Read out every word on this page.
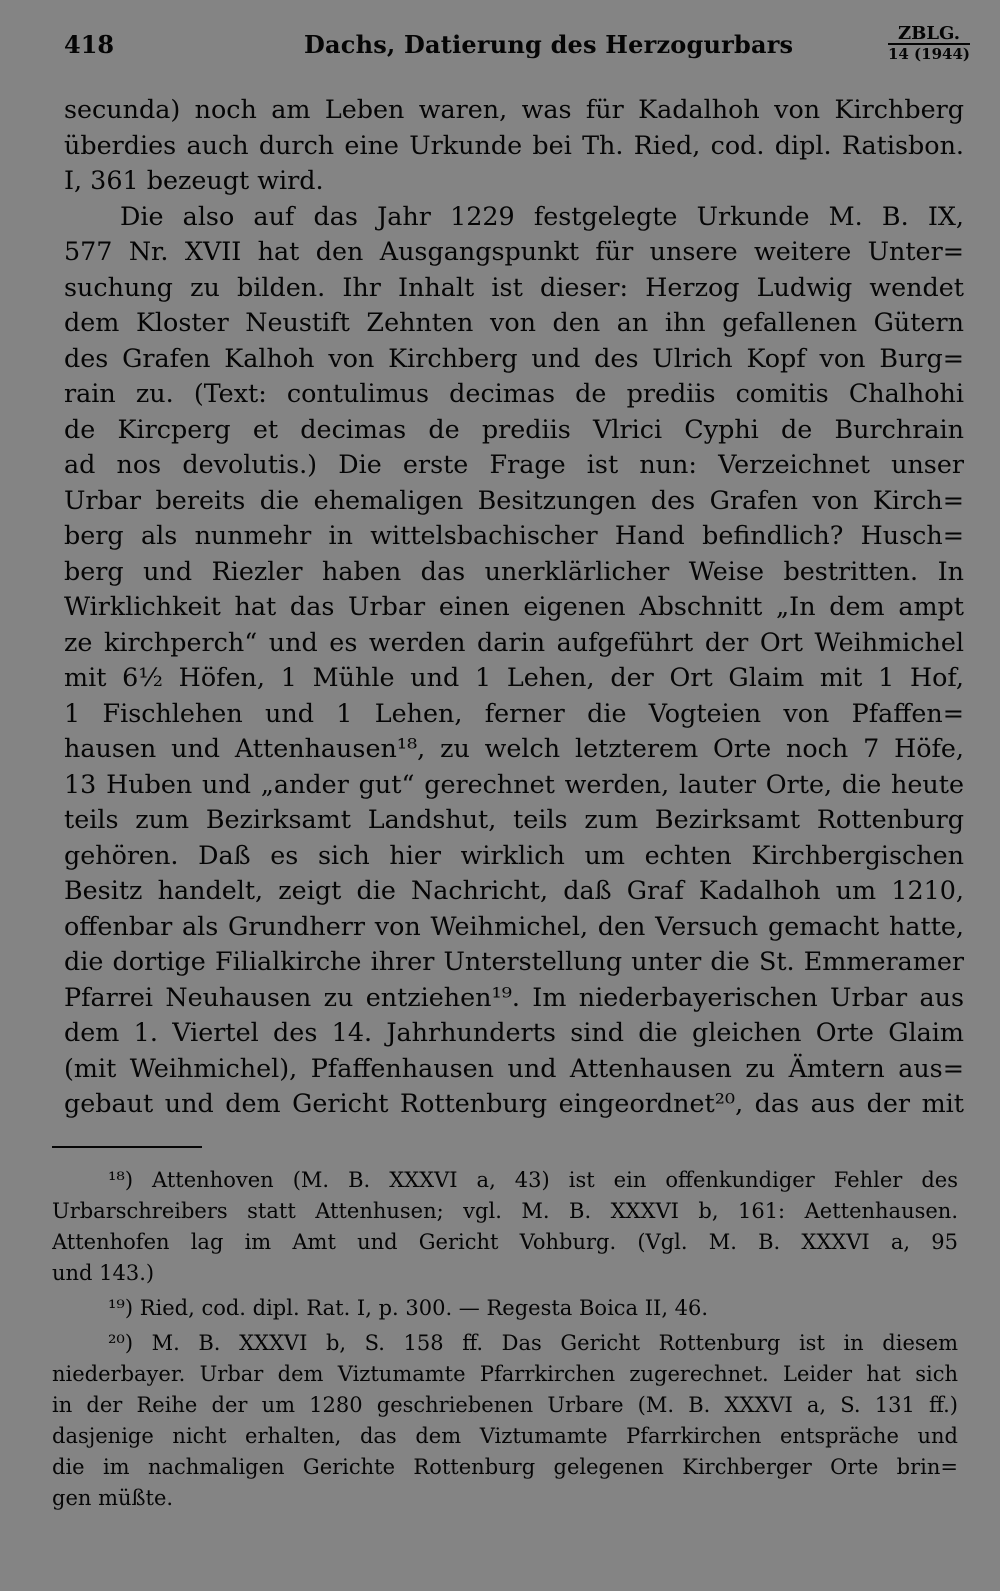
418	Dachs, Datierung des Herzogurbars	ZBLG.
14 (1944)
secunda) noch am Leben waren, was für Kadalhoh von Kirchberg
überdies auch durch eine Urkunde bei Th. Ried, cod. dipl. Ratisbon.
I, 361 bezeugt wird.
Die also auf das Jahr 1229 festgelegte Urkunde M. B. IX,
577 Nr. XVII hat den Ausgangspunkt für unsere weitere Unter=
suchung zu bilden. Ihr Inhalt ist dieser: Herzog Ludwig wendet
dem Kloster Neustift Zehnten von den an ihn gefallenen Gütern
des Grafen Kalhoh von Kirchberg und des Ulrich Kopf von Burg=
rain zu. (Text: contulimus decimas de prediis comitis Chalhohi
de Kircperg et decimas de prediis Vlrici Cyphi de Burchrain
ad nos devolutis.) Die erste Frage ist nun: Verzeichnet unser
Urbar bereits die ehemaligen Besitzungen des Grafen von Kirch=
berg als nunmehr in wittelsbachischer Hand befindlich? Husch=
berg und Riezler haben das unerklärlicher Weise bestritten. In
Wirklichkeit hat das Urbar einen eigenen Abschnitt „In dem ampt
ze kirchperch“ und es werden darin aufgeführt der Ort Weihmichel
mit 6½ Höfen, 1 Mühle und 1 Lehen, der Ort Glaim mit 1 Hof,
1 Fischlehen und 1 Lehen, ferner die Vogteien von Pfaffen=
hausen und Attenhausen¹⁸, zu welch letzterem Orte noch 7 Höfe,
13 Huben und „ander gut“ gerechnet werden, lauter Orte, die heute
teils zum Bezirksamt Landshut, teils zum Bezirksamt Rottenburg
gehören. Daß es sich hier wirklich um echten Kirchbergischen
Besitz handelt, zeigt die Nachricht, daß Graf Kadalhoh um 1210,
offenbar als Grundherr von Weihmichel, den Versuch gemacht hatte,
die dortige Filialkirche ihrer Unterstellung unter die St. Emmeramer
Pfarrei Neuhausen zu entziehen¹⁹. Im niederbayerischen Urbar aus
dem 1. Viertel des 14. Jahrhunderts sind die gleichen Orte Glaim
(mit Weihmichel), Pfaffenhausen und Attenhausen zu Ämtern aus=
gebaut und dem Gericht Rottenburg eingeordnet²⁰, das aus der mit
¹⁸) Attenhoven (M. B. XXXVI a, 43) ist ein offenkundiger Fehler des
Urbarschreibers statt Attenhusen; vgl. M. B. XXXVI b, 161: Aettenhausen.
Attenhofen lag im Amt und Gericht Vohburg. (Vgl. M. B. XXXVI a, 95
und 143.)
¹⁹) Ried, cod. dipl. Rat. I, p. 300. — Regesta Boica II, 46.
²⁰) M. B. XXXVI b, S. 158 ff. Das Gericht Rottenburg ist in diesem
niederbayer. Urbar dem Viztumamte Pfarrkirchen zugerechnet. Leider hat sich
in der Reihe der um 1280 geschriebenen Urbare (M. B. XXXVI a, S. 131 ff.)
dasjenige nicht erhalten, das dem Viztumamte Pfarrkirchen entspräche und
die im nachmaligen Gerichte Rottenburg gelegenen Kirchberger Orte brin=
gen müßte.
